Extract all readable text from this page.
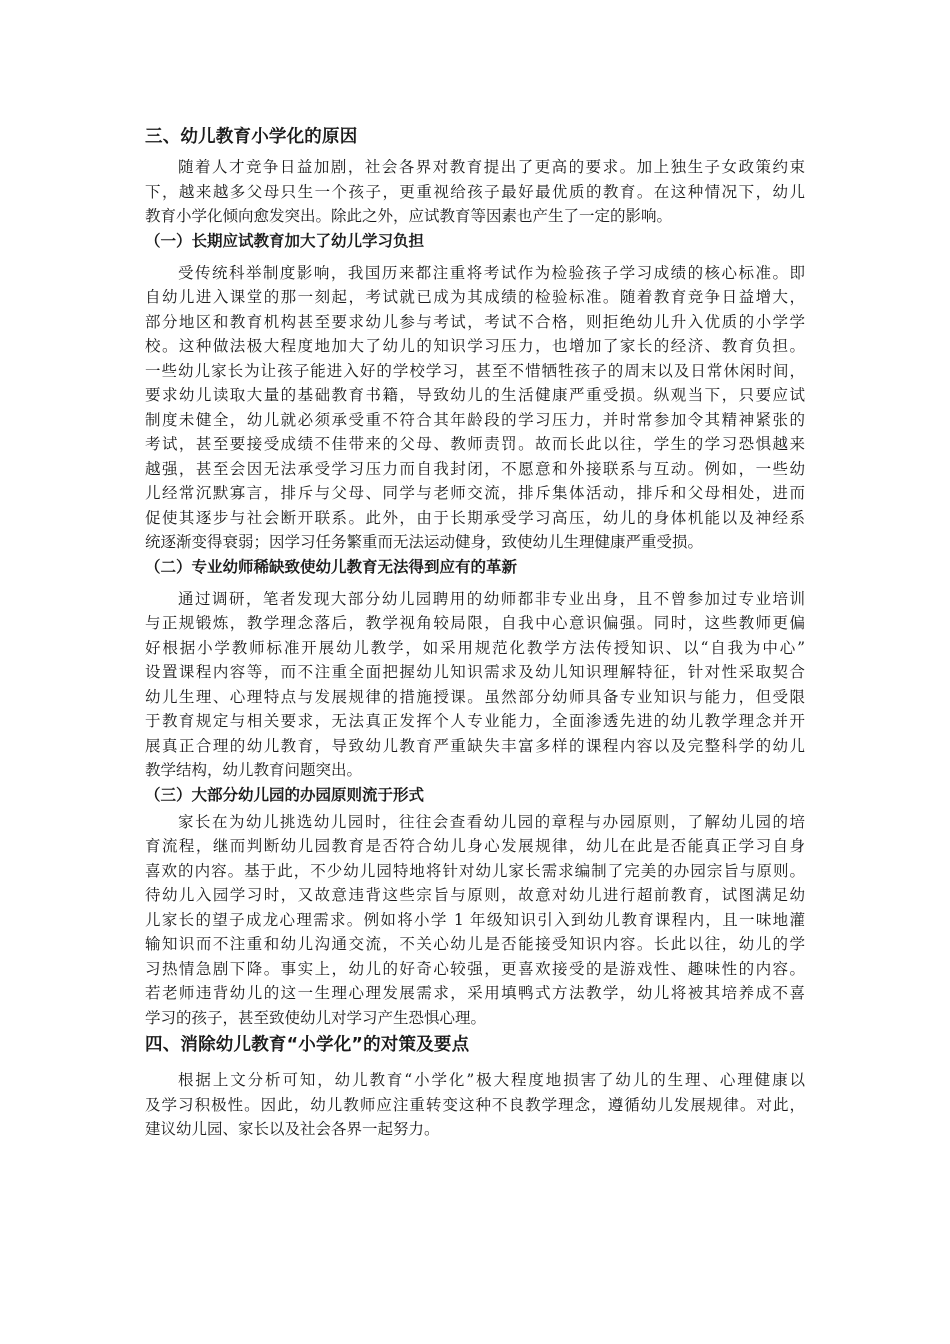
三、幼儿教育小学化的原因
随着人才竞争日益加剧，社会各界对教育提出了更高的要求。加上独生子女政策约束
下，越来越多父母只生一个孩子，更重视给孩子最好最优质的教育。在这种情况下，幼儿
教育小学化倾向愈发突出。除此之外，应试教育等因素也产生了一定的影响。
（一）长期应试教育加大了幼儿学习负担
受传统科举制度影响，我国历来都注重将考试作为检验孩子学习成绩的核心标准。即
自幼儿进入课堂的那一刻起，考试就已成为其成绩的检验标准。随着教育竞争日益增大，
部分地区和教育机构甚至要求幼儿参与考试，考试不合格，则拒绝幼儿升入优质的小学学
校。这种做法极大程度地加大了幼儿的知识学习压力，也增加了家长的经济、教育负担。
一些幼儿家长为让孩子能进入好的学校学习，甚至不惜牺牲孩子的周末以及日常休闲时间，
要求幼儿读取大量的基础教育书籍，导致幼儿的生活健康严重受损。纵观当下，只要应试
制度未健全，幼儿就必须承受重不符合其年龄段的学习压力，并时常参加令其精神紧张的
考试，甚至要接受成绩不佳带来的父母、教师责罚。故而长此以往，学生的学习恐惧越来
越强，甚至会因无法承受学习压力而自我封闭，不愿意和外接联系与互动。例如，一些幼
儿经常沉默寡言，排斥与父母、同学与老师交流，排斥集体活动，排斥和父母相处，进而
促使其逐步与社会断开联系。此外，由于长期承受学习高压，幼儿的身体机能以及神经系
统逐渐变得衰弱；因学习任务繁重而无法运动健身，致使幼儿生理健康严重受损。
（二）专业幼师稀缺致使幼儿教育无法得到应有的革新
通过调研，笔者发现大部分幼儿园聘用的幼师都非专业出身，且不曾参加过专业培训
与正规锻炼，教学理念落后，教学视角较局限，自我中心意识偏强。同时，这些教师更偏
好根据小学教师标准开展幼儿教学，如采用规范化教学方法传授知识、以“自我为中心”
设置课程内容等，而不注重全面把握幼儿知识需求及幼儿知识理解特征，针对性采取契合
幼儿生理、心理特点与发展规律的措施授课。虽然部分幼师具备专业知识与能力，但受限
于教育规定与相关要求，无法真正发挥个人专业能力，全面渗透先进的幼儿教学理念并开
展真正合理的幼儿教育，导致幼儿教育严重缺失丰富多样的课程内容以及完整科学的幼儿
教学结构，幼儿教育问题突出。
（三）大部分幼儿园的办园原则流于形式
家长在为幼儿挑选幼儿园时，往往会查看幼儿园的章程与办园原则，了解幼儿园的培
育流程，继而判断幼儿园教育是否符合幼儿身心发展规律，幼儿在此是否能真正学习自身
喜欢的内容。基于此，不少幼儿园特地将针对幼儿家长需求编制了完美的办园宗旨与原则。
待幼儿入园学习时，又故意违背这些宗旨与原则，故意对幼儿进行超前教育，试图满足幼
儿家长的望子成龙心理需求。例如将小学 1 年级知识引入到幼儿教育课程内，且一味地灌
输知识而不注重和幼儿沟通交流，不关心幼儿是否能接受知识内容。长此以往，幼儿的学
习热情急剧下降。事实上，幼儿的好奇心较强，更喜欢接受的是游戏性、趣味性的内容。
若老师违背幼儿的这一生理心理发展需求，采用填鸭式方法教学，幼儿将被其培养成不喜
学习的孩子，甚至致使幼儿对学习产生恐惧心理。
四、消除幼儿教育“小学化”的对策及要点
根据上文分析可知，幼儿教育“小学化”极大程度地损害了幼儿的生理、心理健康以
及学习积极性。因此，幼儿教师应注重转变这种不良教学理念，遵循幼儿发展规律。对此，
建议幼儿园、家长以及社会各界一起努力。
